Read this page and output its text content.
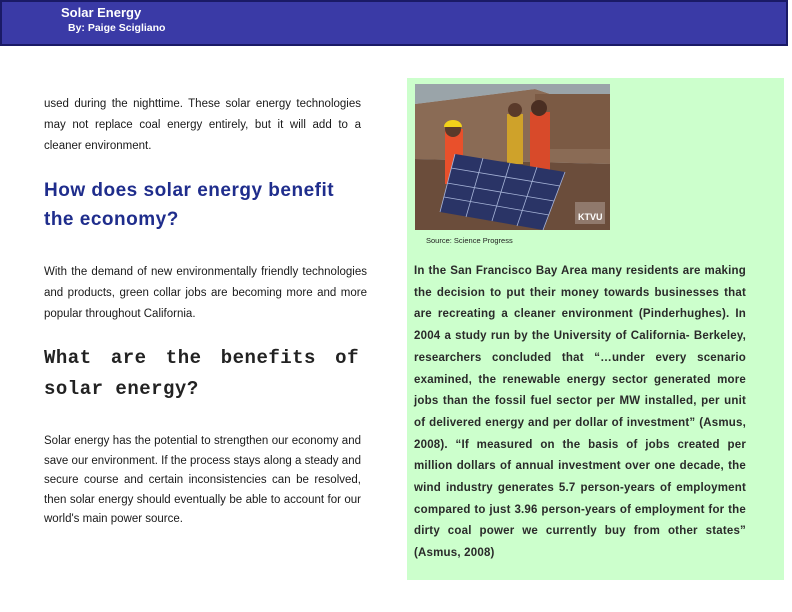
Solar Energy
By: Paige Scigliano

used during the nighttime. These solar energy technologies may not replace coal energy entirely, but it will add to a cleaner environment.

How does solar energy benefit the economy?

With the demand of new environmentally friendly technologies and products, green collar jobs are becoming more and more popular throughout California.

What are the benefits of solar energy?

Solar energy has the potential to strengthen our economy and save our environment. If the process stays along a steady and secure course and certain inconsistencies can be resolved, then solar energy should eventually be able to account for our world's main power source.

KTVU
Source: Science Progress

In the San Francisco Bay Area many residents are making the decision to put their money towards businesses that are recreating a cleaner environment (Pinderhughes). In 2004 a study run by the University of California- Berkeley, researchers concluded that “…under every scenario examined, the renewable energy sector generated more jobs than the fossil fuel sector per MW installed, per unit of delivered energy and per dollar of investment” (Asmus, 2008). “If measured on the basis of jobs created per million dollars of annual investment over one decade, the wind industry generates 5.7 person-years of employment compared to just 3.96 person-years of employment for the dirty coal power we currently buy from other states” (Asmus, 2008)
